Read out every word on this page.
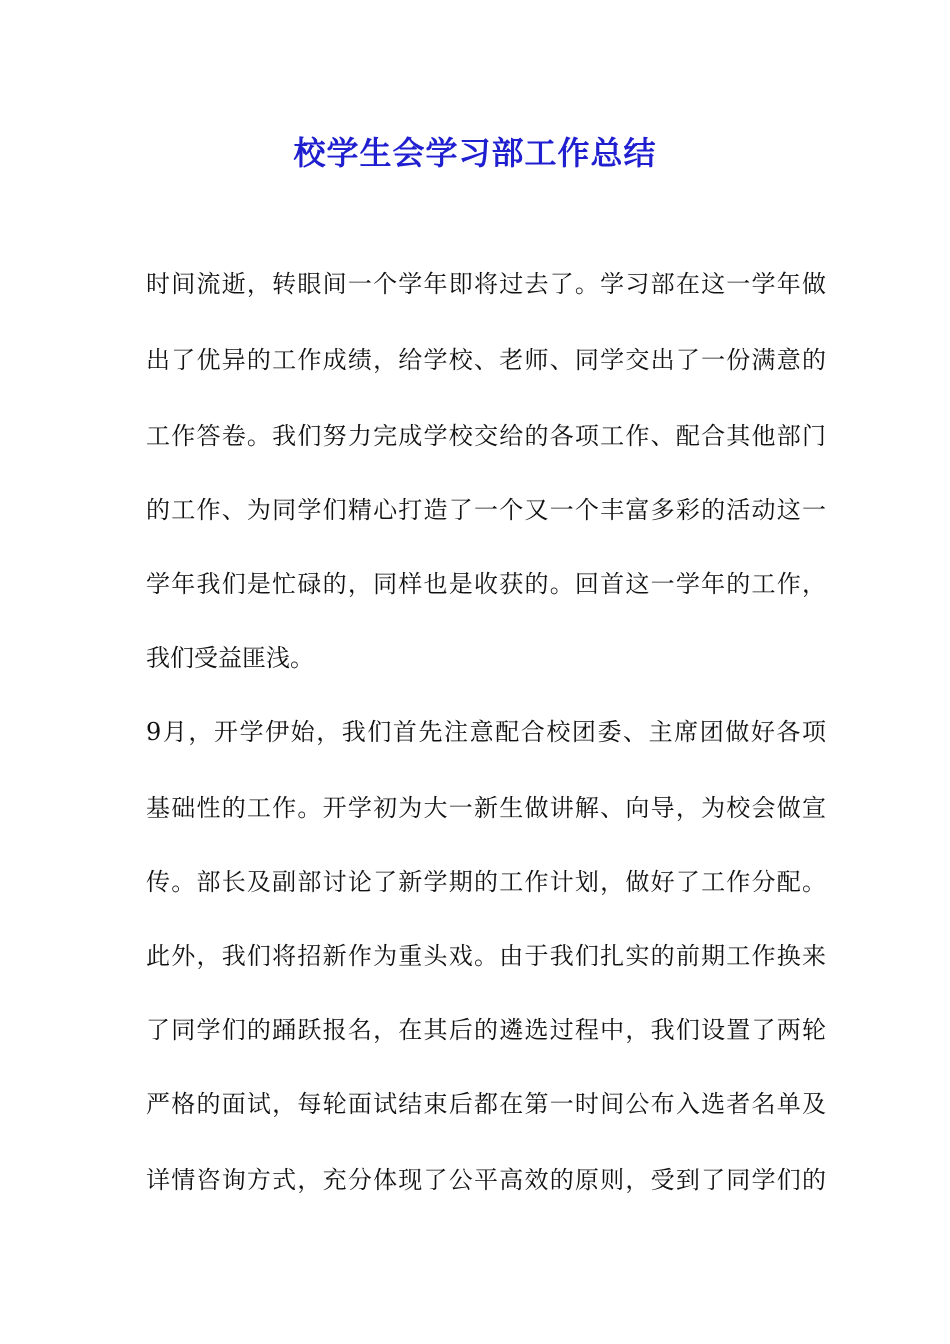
校学生会学习部工作总结
时间流逝，转眼间一个学年即将过去了。学习部在这一学年做
出了优异的工作成绩，给学校、老师、同学交出了一份满意的
工作答卷。我们努力完成学校交给的各项工作、配合其他部门
的工作、为同学们精心打造了一个又一个丰富多彩的活动这一
学年我们是忙碌的，同样也是收获的。回首这一学年的工作，
我们受益匪浅。
9月，开学伊始，我们首先注意配合校团委、主席团做好各项
基础性的工作。开学初为大一新生做讲解、向导，为校会做宣
传。部长及副部讨论了新学期的工作计划，做好了工作分配。
此外，我们将招新作为重头戏。由于我们扎实的前期工作换来
了同学们的踊跃报名，在其后的遴选过程中，我们设置了两轮
严格的面试，每轮面试结束后都在第一时间公布入选者名单及
详情咨询方式，充分体现了公平高效的原则，受到了同学们的
